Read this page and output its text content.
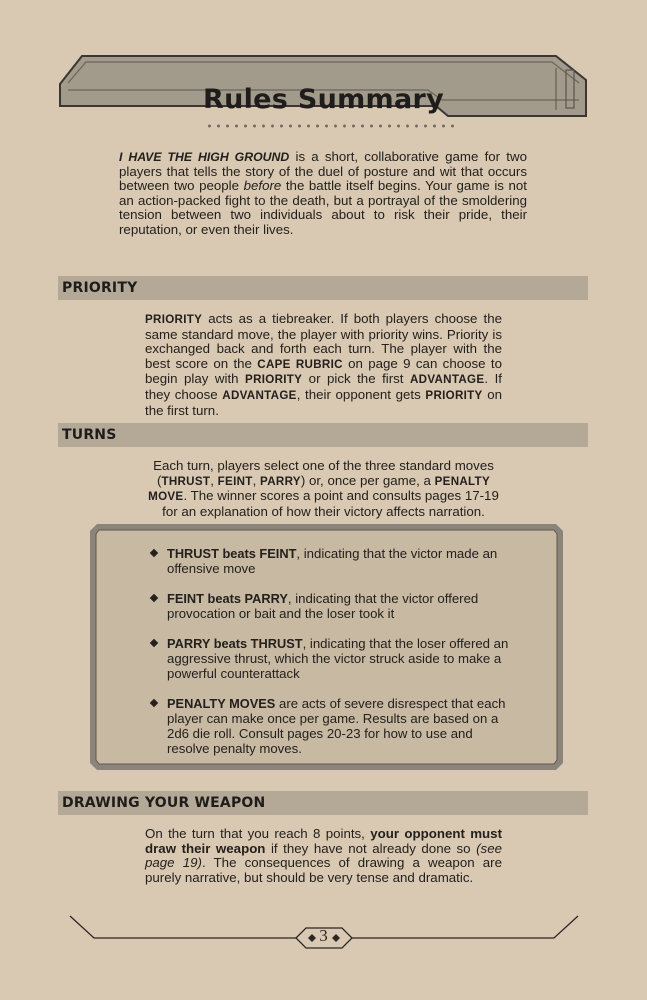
Rules Summary

I HAVE THE HIGH GROUND is a short, collaborative game for two players that tells the story of the duel of posture and wit that occurs between two people before the battle itself begins. Your game is not an action-packed fight to the death, but a portrayal of the smoldering tension between two individuals about to risk their pride, their reputation, or even their lives.

PRIORITY

PRIORITY acts as a tiebreaker. If both players choose the same standard move, the player with priority wins. Priority is exchanged back and forth each turn. The player with the best score on the CAPE RUBRIC on page 9 can choose to begin play with PRIORITY or pick the first ADVANTAGE. If they choose ADVANTAGE, their opponent gets PRIORITY on the first turn.

TURNS

Each turn, players select one of the three standard moves (THRUST, FEINT, PARRY) or, once per game, a PENALTY MOVE. The winner scores a point and consults pages 17-19 for an explanation of how their victory affects narration.

THRUST beats FEINT, indicating that the victor made an offensive move
FEINT beats PARRY, indicating that the victor offered provocation or bait and the loser took it
PARRY beats THRUST, indicating that the loser offered an aggressive thrust, which the victor struck aside to make a powerful counterattack
PENALTY MOVES are acts of severe disrespect that each player can make once per game. Results are based on a 2d6 die roll. Consult pages 20-23 for how to use and resolve penalty moves.
DRAWING YOUR WEAPON

On the turn that you reach 8 points, your opponent must draw their weapon if they have not already done so (see page 19). The consequences of drawing a weapon are purely narrative, but should be very tense and dramatic.

3
